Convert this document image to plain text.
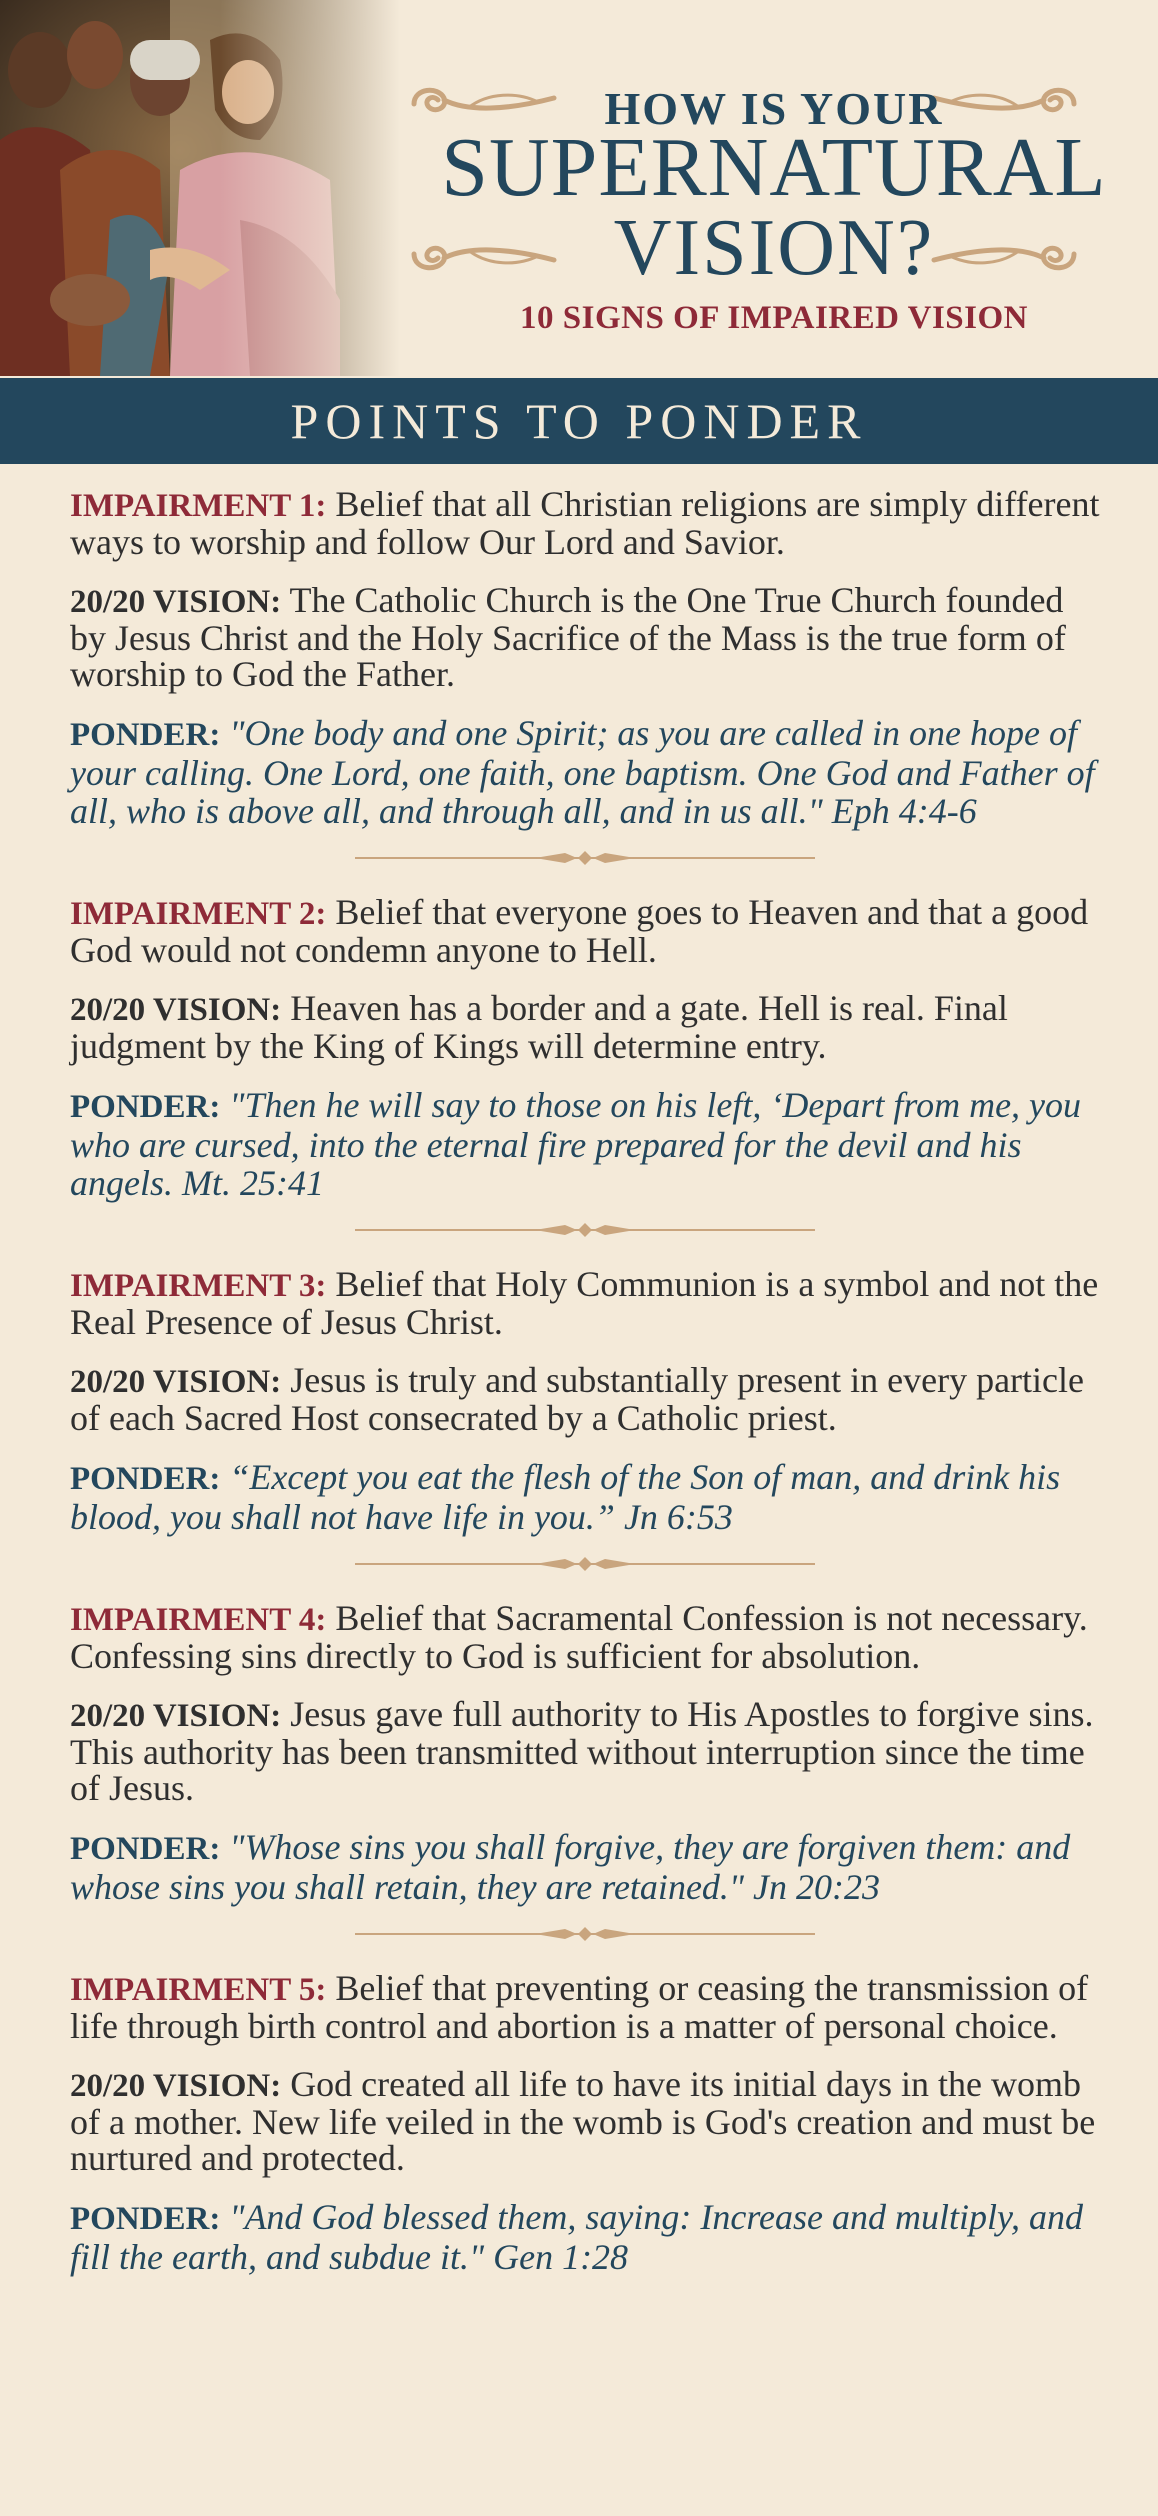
HOW IS YOUR
SUPERNATURAL
VISION?
10 SIGNS OF IMPAIRED VISION
POINTS TO PONDER

IMPAIRMENT 1: Belief that all Christian religions are simply different ways to worship and follow Our Lord and Savior.

20/20 VISION: The Catholic Church is the One True Church founded by Jesus Christ and the Holy Sacrifice of the Mass is the true form of worship to God the Father.

PONDER: "One body and one Spirit; as you are called in one hope of your calling. One Lord, one faith, one baptism. One God and Father of all, who is above all, and through all, and in us all." Eph 4:4-6

IMPAIRMENT 2: Belief that everyone goes to Heaven and that a good God would not condemn anyone to Hell.

20/20 VISION: Heaven has a border and a gate. Hell is real. Final judgment by the King of Kings will determine entry.

PONDER: "Then he will say to those on his left, ‘Depart from me, you who are cursed, into the eternal fire prepared for the devil and his angels. Mt. 25:41

IMPAIRMENT 3: Belief that Holy Communion is a symbol and not the Real Presence of Jesus Christ.

20/20 VISION: Jesus is truly and substantially present in every particle of each Sacred Host consecrated by a Catholic priest.

PONDER: “Except you eat the flesh of the Son of man, and drink his blood, you shall not have life in you.” Jn 6:53

IMPAIRMENT 4: Belief that Sacramental Confession is not necessary. Confessing sins directly to God is sufficient for absolution.

20/20 VISION: Jesus gave full authority to His Apostles to forgive sins. This authority has been transmitted without interruption since the time of Jesus.

PONDER: "Whose sins you shall forgive, they are forgiven them: and whose sins you shall retain, they are retained." Jn 20:23

IMPAIRMENT 5: Belief that preventing or ceasing the transmission of life through birth control and abortion is a matter of personal choice.

20/20 VISION: God created all life to have its initial days in the womb of a mother. New life veiled in the womb is God's creation and must be nurtured and protected.

PONDER: "And God blessed them, saying: Increase and multiply, and fill the earth, and subdue it." Gen 1:28
